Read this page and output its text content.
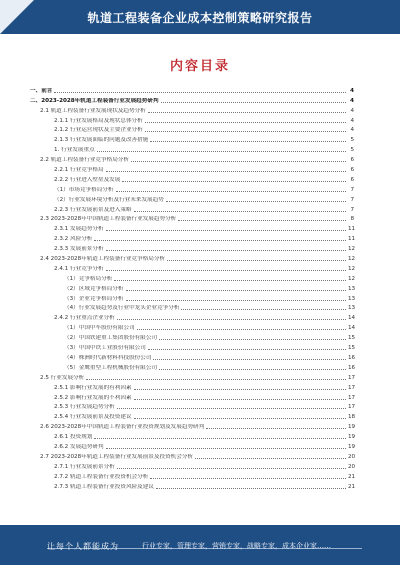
轨道工程装备企业成本控制策略研究报告
内容目录
一、前言	4
二、2023-2028年轨道工程装备行业发展趋势研判	4
2.1 轨道工程装备行业发展现状及趋势分析	4
2.1.1 行业发展格局及现状总体分析	4
2.1.2 行业运营现状及主要企业分析	4
2.1.3 行业发展面临的问题及改善措施	5
1. 行业发展重点	5
2.2 轨道工程装备行业竞争格局分析	6
2.2.1 行业竞争格局	6
2.2.2 行业进入壁垒及发展	6
（1）市场竞争格局分析	7
（2）行业发展环境分析及行业未来发展趋势	7
2.2.3 行业发展前景及进入策略	7
2.3 2023-2028年中国轨道工程装备行业发展趋势分析	8
2.3.1 发展趋势分析	11
2.3.2 风险分析	11
2.3.3 发展前景分析	12
2.4 2023-2028年轨道工程装备行业竞争格局分析	12
2.4.1 行业竞争分析	12
（1）竞争格局分析	12
（2）区域竞争格局分析	13
（3）企业竞争格局分析	13
（4）行业发展趋势及行业中龙头企业竞争分析	13
2.4.2 行业重点企业分析	14
（1）中国中车股份有限公司	14
（2）中国铁建重工集团股份有限公司	15
（3）中国中铁工业股份有限公司	15
（4）株洲时代新材料科技股份公司	16
（5）金鹰重型工程机械股份有限公司	16
2.5 行业发展分析	17
2.5.1 影响行业发展的有利因素	17
2.5.2 影响行业发展的不利因素	17
2.5.3 行业发展趋势分析	17
2.5.4 行业发展前景及投资建议	18
2.6 2023-2028年中国轨道工程装备行业投资规划及发展趋势研判	19
2.6.1 投资规划	19
2.6.2 发展趋势研判	19
2.7 2023-2028年轨道工程装备行业发展前景及投资机会分析	20
2.7.1 行业发展前景分析	20
2.7.2 轨道工程装备行业投资机会分析	21
2.7.3 轨道工程装备行业投资风险及建议	21
让每个人都能成为	行业专家，管理专家，营销专家，战略专家，成本企业家……
